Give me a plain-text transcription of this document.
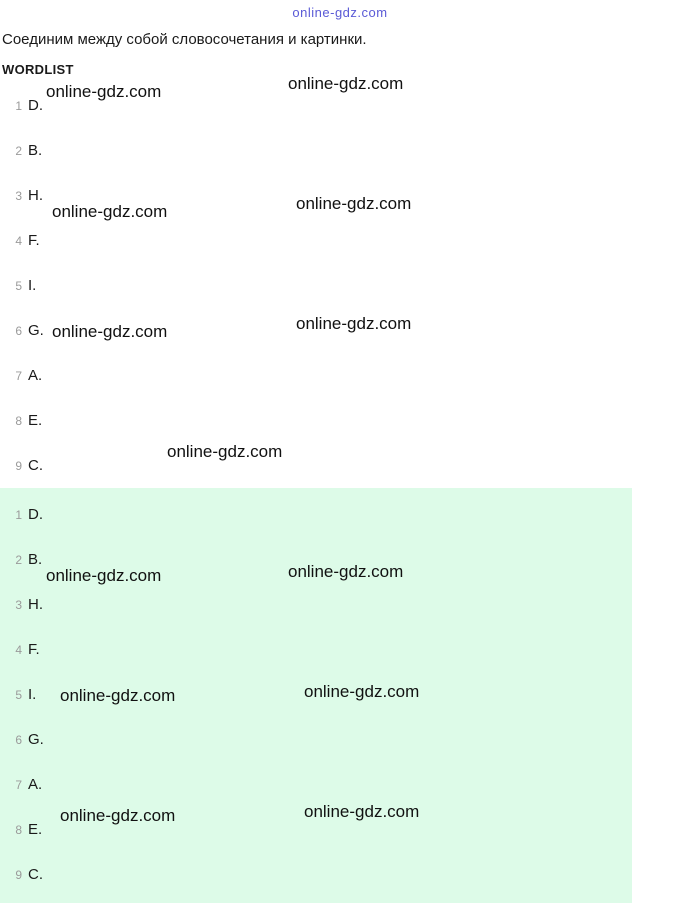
online-gdz.com
Соединим между собой словосочетания и картинки.
WORDLIST
1 D.
2 B.
3 H.
4 F.
5 I.
6 G.
7 A.
8 E.
9 C.
1 D.
2 B.
3 H.
4 F.
5 I.
6 G.
7 A.
8 E.
9 C.
online-gdz.com	online-gdz.com
online-gdz.com	online-gdz.com
online-gdz.com	online-gdz.com
online-gdz.com
online-gdz.com	online-gdz.com
online-gdz.com	online-gdz.com
online-gdz.com	online-gdz.com
